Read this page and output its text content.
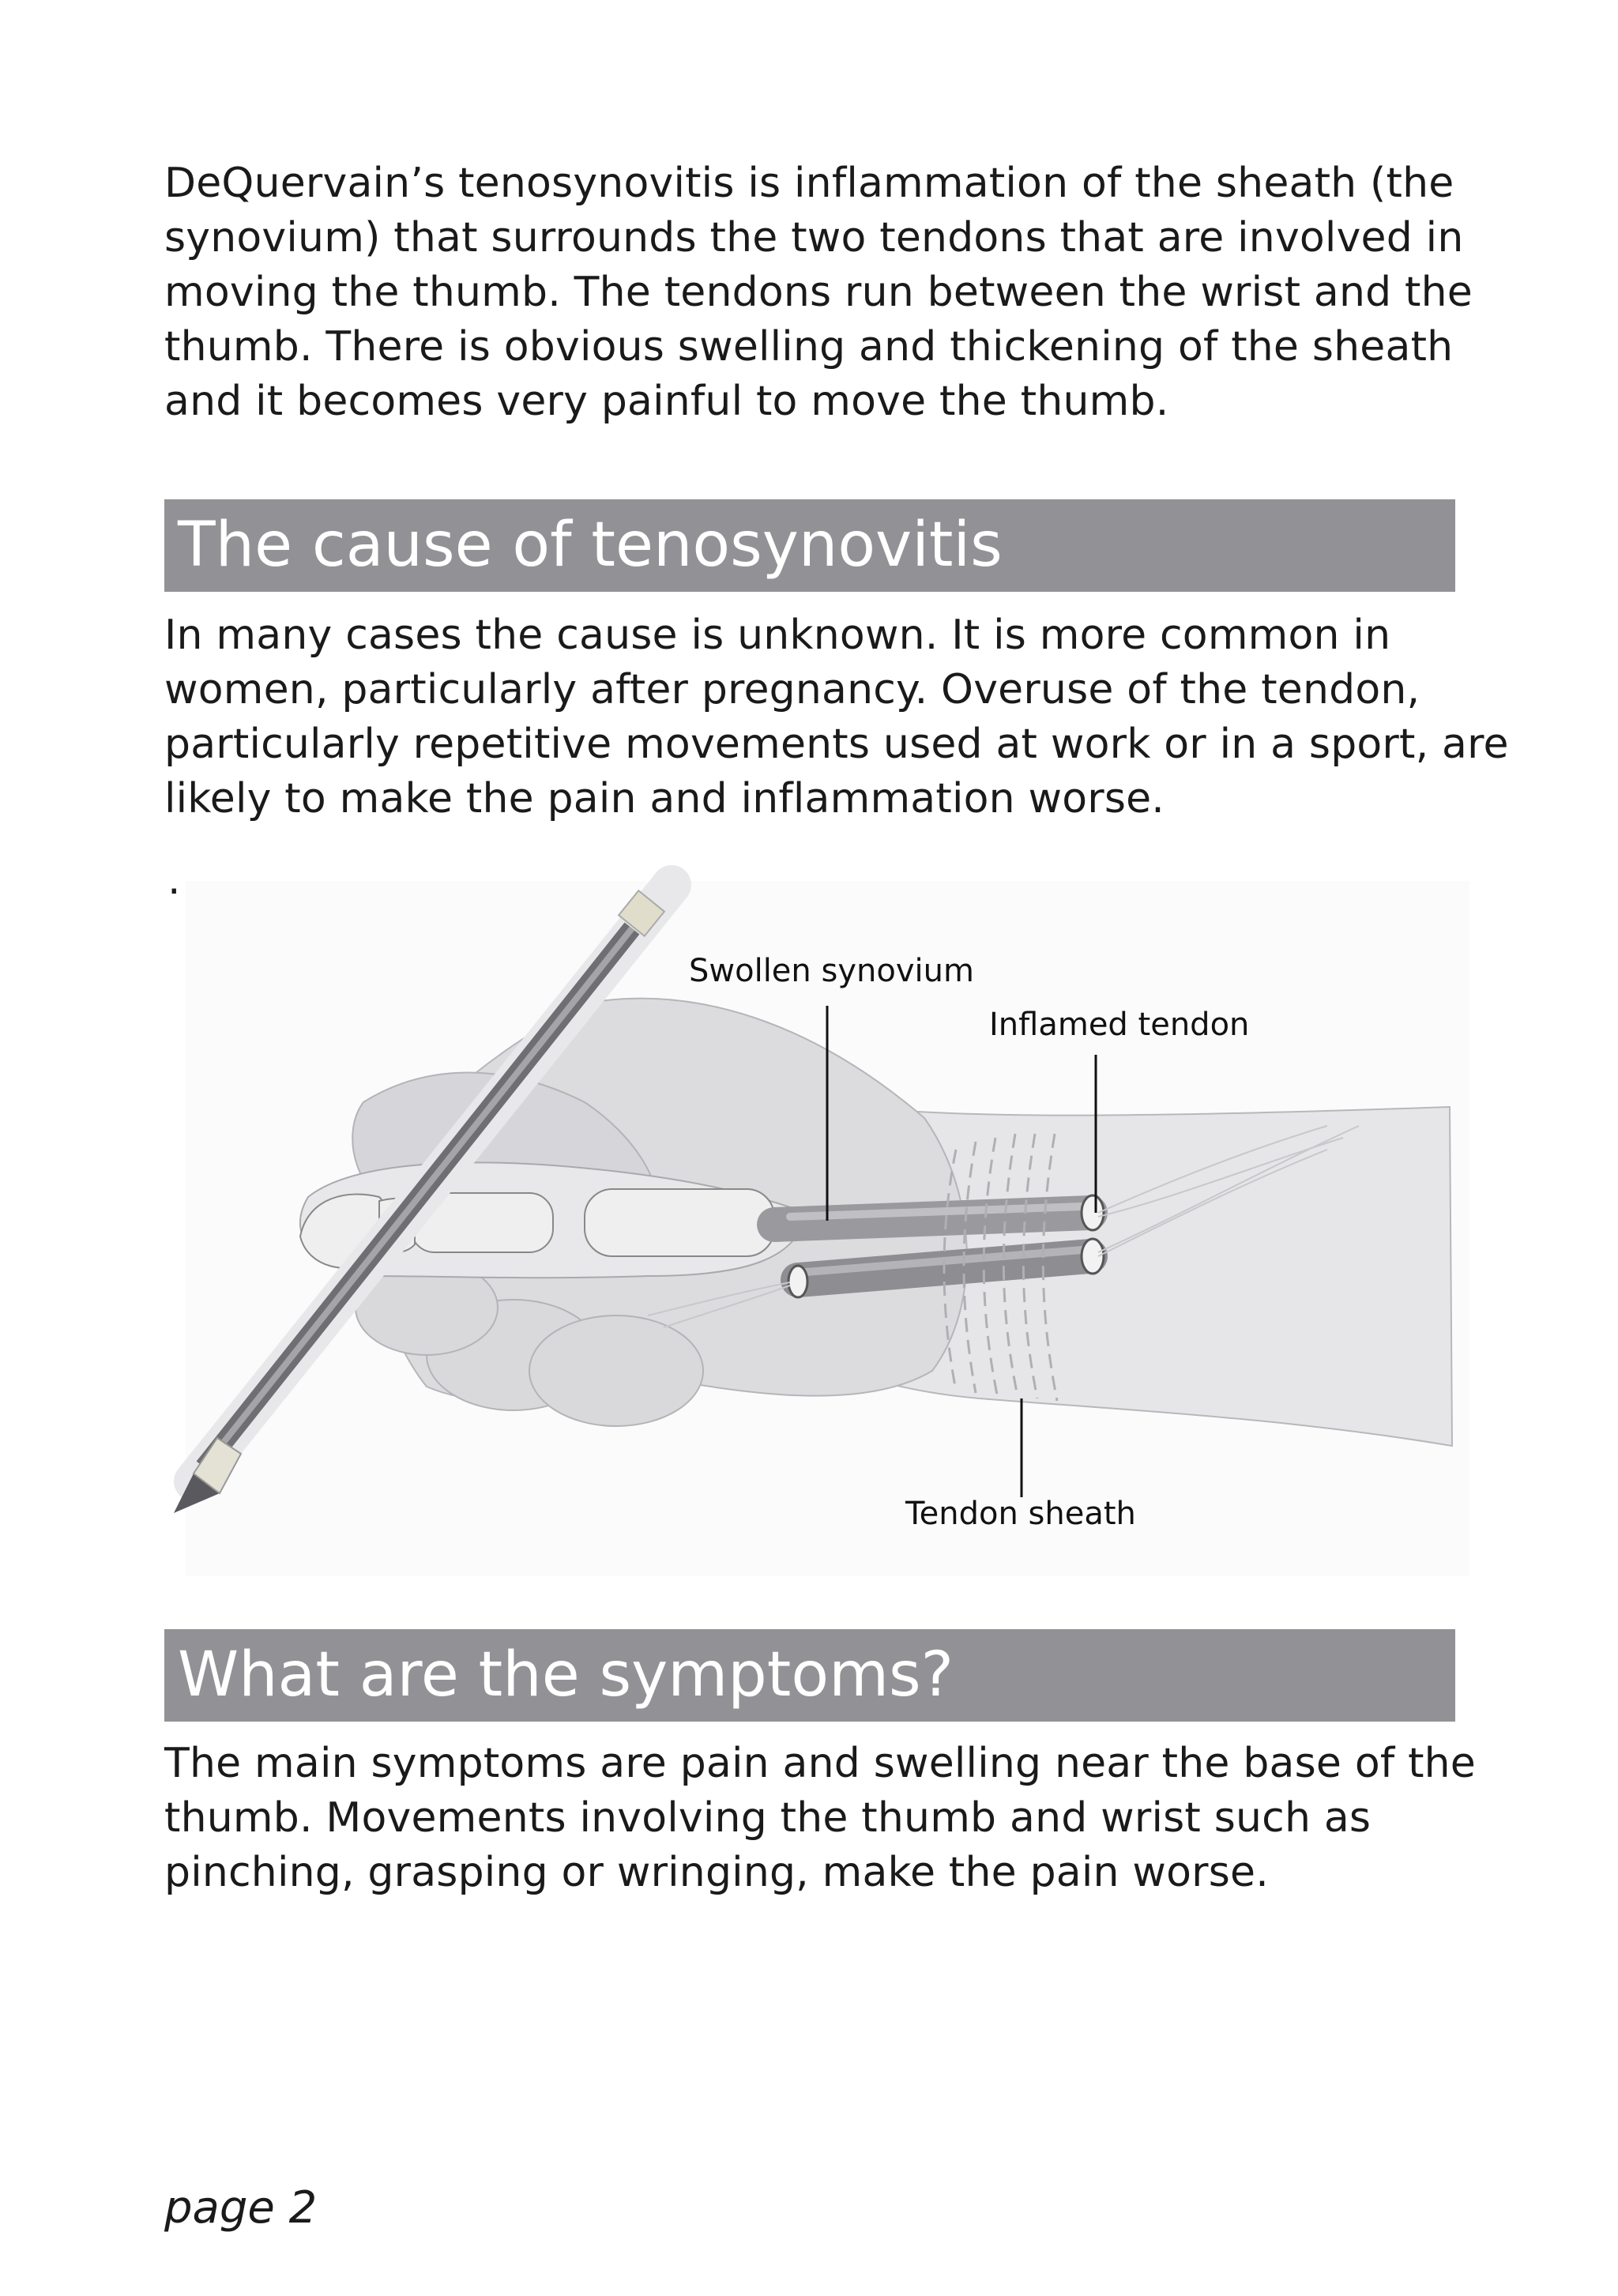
DeQuervain’s tenosynovitis is inflammation of the sheath (the
synovium) that surrounds the two tendons that are involved in
moving the thumb. The tendons run between the wrist and the
thumb. There is obvious swelling and thickening of the sheath
and it becomes very painful to move the thumb.

The cause of tenosynovitis

In many cases the cause is unknown. It is more common in
women, particularly after pregnancy. Overuse of the tendon,
particularly repetitive movements used at work or in a sport, are
likely to make the pain and inflammation worse.

.
Swollen synovium
Inflamed tendon
Tendon sheath
What are the symptoms?

The main symptoms are pain and swelling near the base of the
thumb. Movements involving the thumb and wrist such as
pinching, grasping or wringing, make the pain worse.

page 2
